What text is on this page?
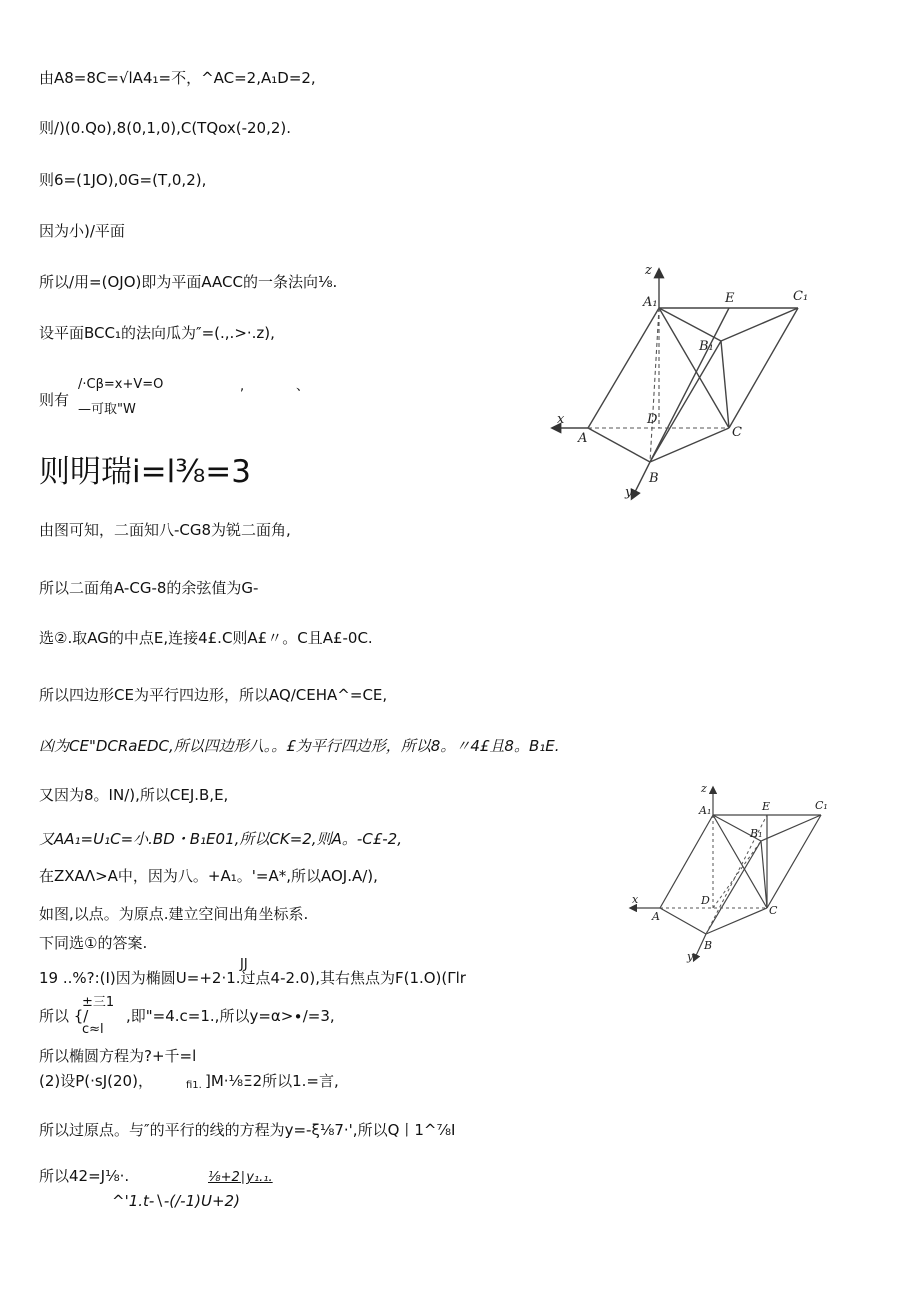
由A8=8C=√lA4₁=不，^AC=2,A₁D=2,
则/)(0.Qo),8(0,1,0),C(TQox(-20,2).
则6=(1JO),0G=(T,0,2),
因为小)/平面
所以/用=(OJO)即为平面AACC的一条法向⅛.
设平面BCC₁的法向瓜为″=(.,.>·.z),
/·Cβ=x+V=O	,	、
则有
—可取"W
则明瑞i=l⅜=3
由图可知，二面知八-CG8为锐二面角,
所以二面角A-CG-8的余弦值为G-
选②.取AG的中点E,连接4£.C则A£〃。C且A£-0C.
所以四边形CE为平行四边形，所以AQ∕CEHA^=CE,
凶为CE"DCRaEDC,所以四边形八。。£为平行四边形，所以8。〃4£且8。B₁E.
又因为8。IN/),所以CEJ.B,E,
又AA₁=U₁C=小.BD・B₁E01,所以CK=2,则A。-C£-2,
在ZXAΛ>A中，因为八。+A₁。'=A*,所以AOJ.A/),
如图,以点。为原点.建立空间出角坐标系.
下同选①的答案.
JJ
19 ..%?:(I)因为椭圆U=+2·1.过点4-2.0),其右焦点为F(1.O)(Γlr
±三1
所以 {/	,即"=4.c=1.,所以y=α>∙∕=3,
c≈l
所以椭圆方程为?+千=l
(2)设P(·sJ(20)，	fi1. ]M·⅛Ξ2所以1.=言,
所以过原点。与″的平行的线的方程为y=-ξ⅛7·',所以Q丨1^⅞I
所以42=J⅛·.	⅛+2∣y₁.₁.
^'1.t-∖-(/-1)U+2)
z
A₁	E	C₁
B₁
x	D
A	C
y
B
z
A₁	E	C₁
B₁
x	D
A	C
y
B
